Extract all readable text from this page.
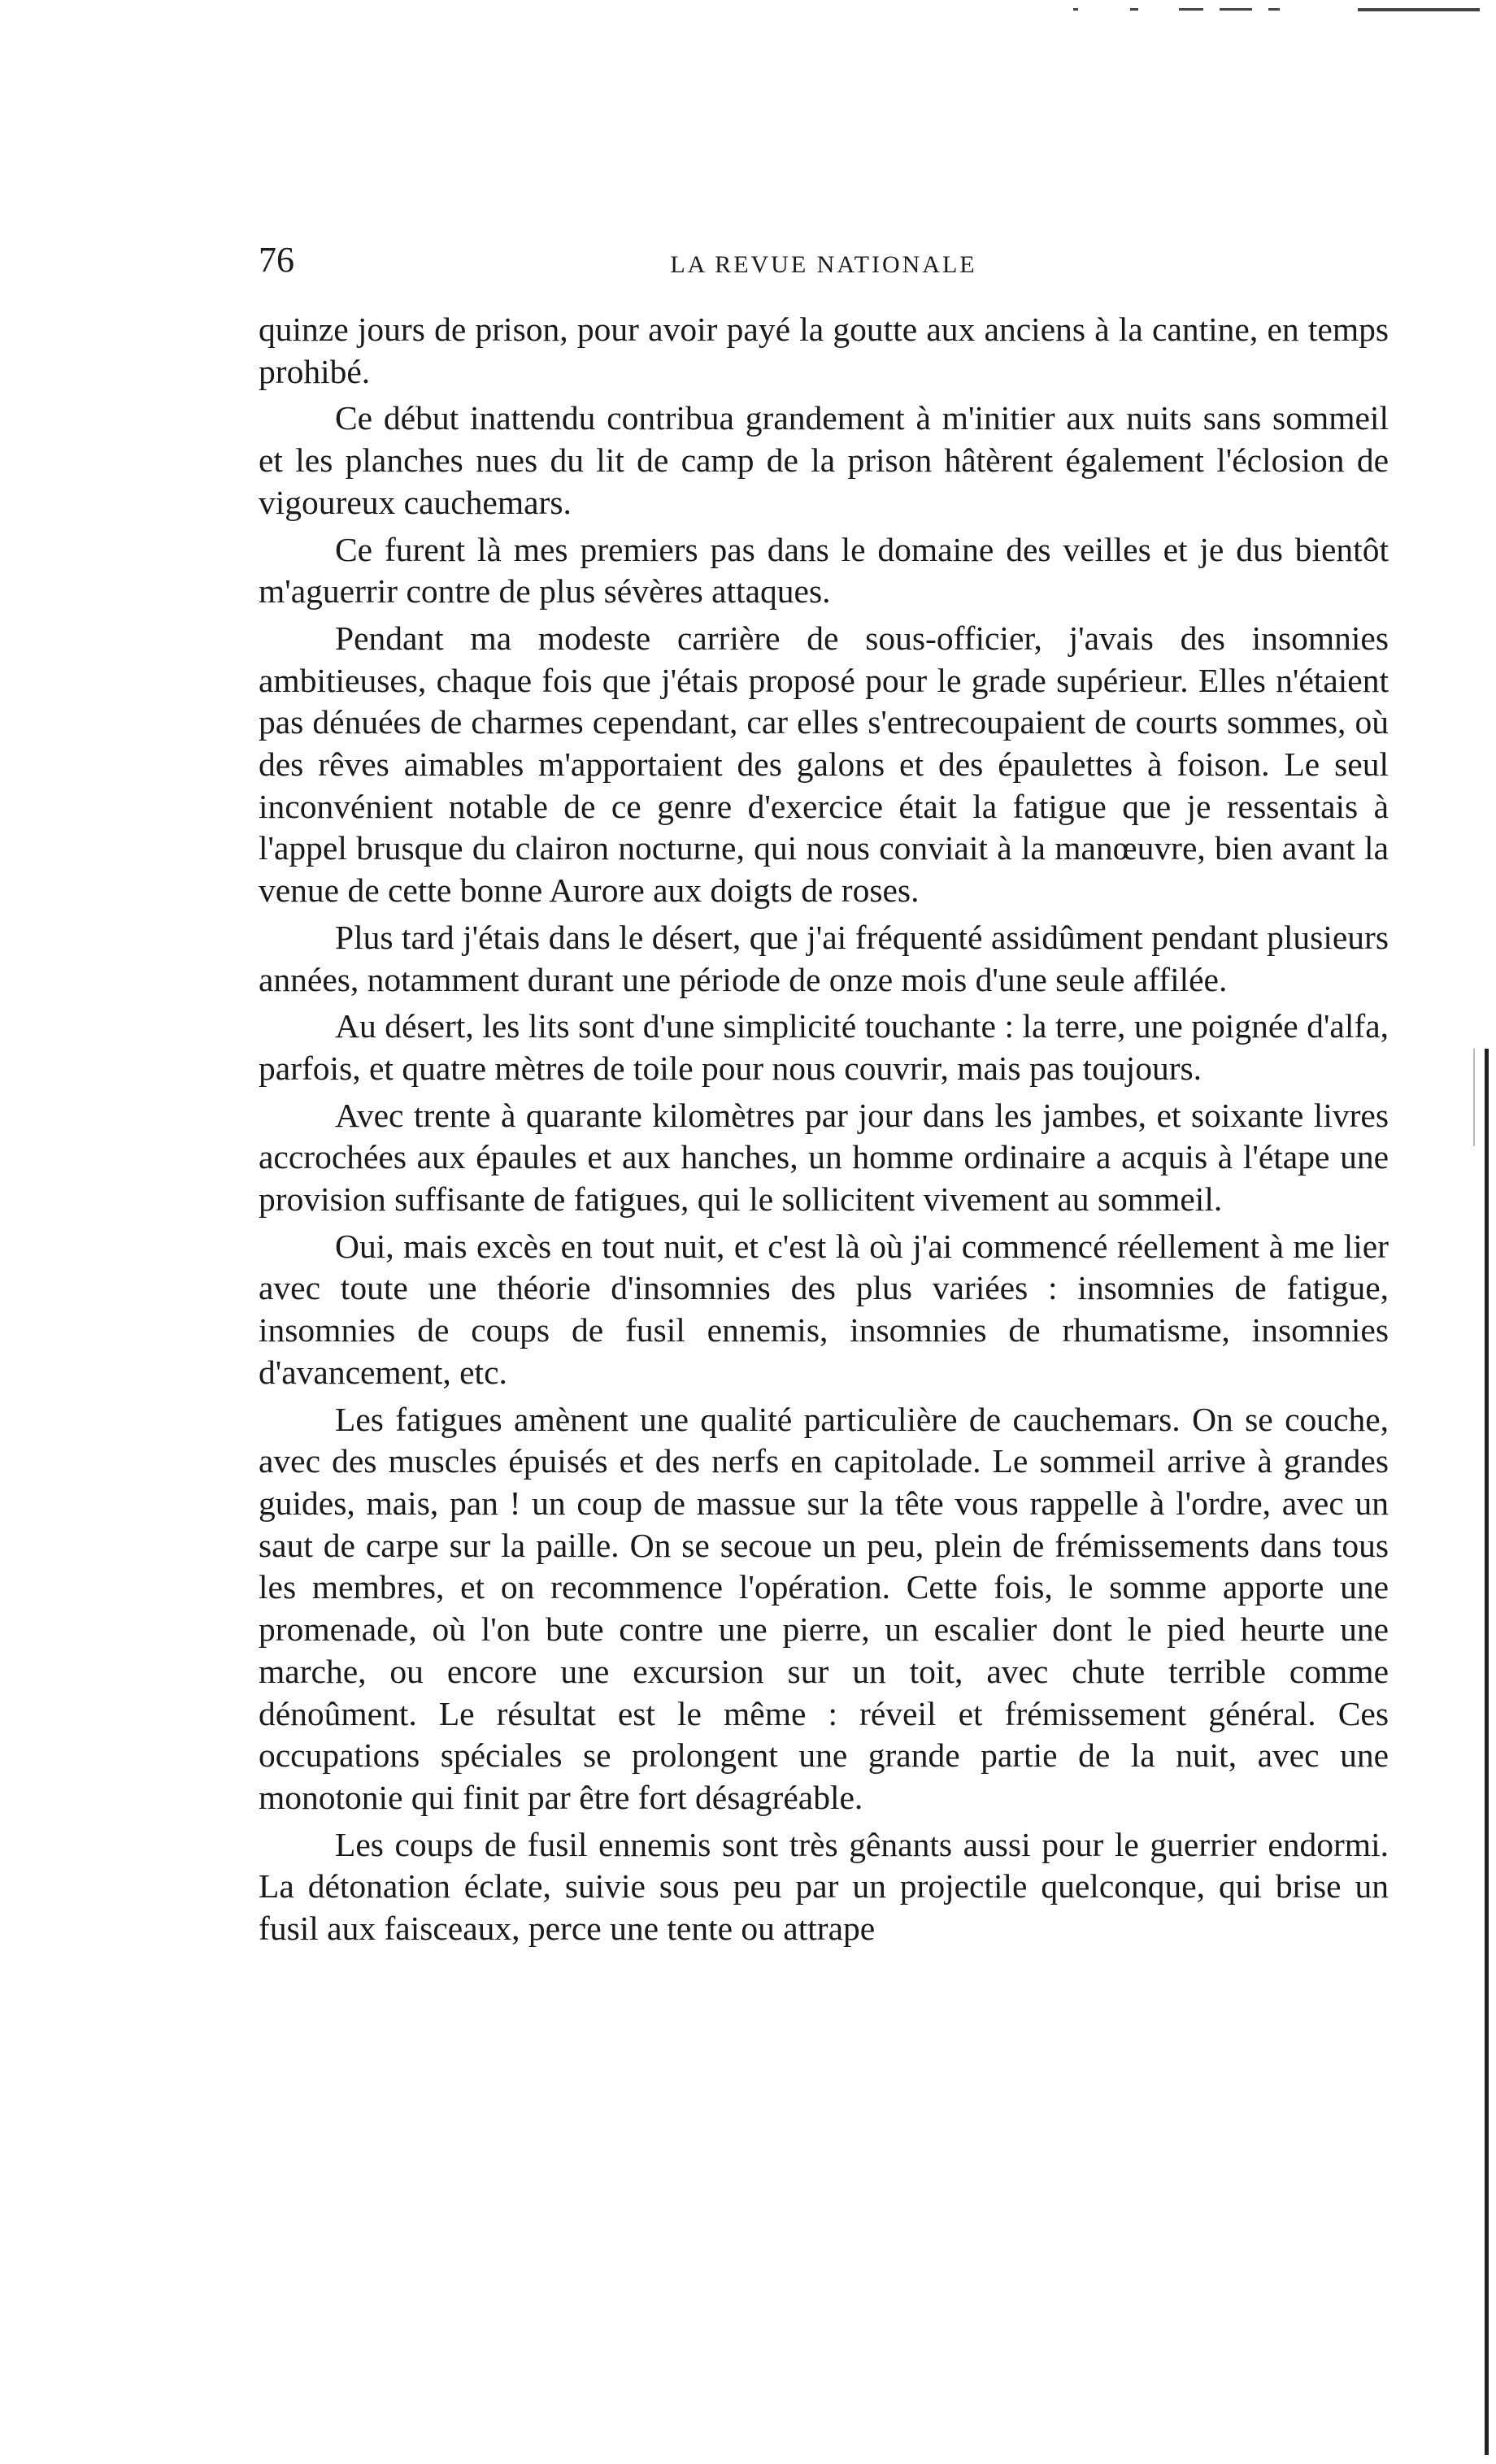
76	LA REVUE NATIONALE

quinze jours de prison, pour avoir payé la goutte aux anciens à la cantine, en temps prohibé.

Ce début inattendu contribua grandement à m'initier aux nuits sans sommeil et les planches nues du lit de camp de la prison hâtèrent également l'éclosion de vigoureux cauchemars.

Ce furent là mes premiers pas dans le domaine des veilles et je dus bientôt m'aguerrir contre de plus sévères attaques.

Pendant ma modeste carrière de sous-officier, j'avais des insomnies ambitieuses, chaque fois que j'étais proposé pour le grade supérieur. Elles n'étaient pas dénuées de charmes cependant, car elles s'entrecoupaient de courts sommes, où des rêves aimables m'apportaient des galons et des épaulettes à foison. Le seul inconvénient notable de ce genre d'exercice était la fatigue que je ressentais à l'appel brusque du clairon nocturne, qui nous conviait à la manœuvre, bien avant la venue de cette bonne Aurore aux doigts de roses.

Plus tard j'étais dans le désert, que j'ai fréquenté assidûment pendant plusieurs années, notamment durant une période de onze mois d'une seule affilée.

Au désert, les lits sont d'une simplicité touchante : la terre, une poignée d'alfa, parfois, et quatre mètres de toile pour nous couvrir, mais pas toujours.

Avec trente à quarante kilomètres par jour dans les jambes, et soixante livres accrochées aux épaules et aux hanches, un homme ordinaire a acquis à l'étape une provision suffisante de fatigues, qui le sollicitent vivement au sommeil.

Oui, mais excès en tout nuit, et c'est là où j'ai commencé réellement à me lier avec toute une théorie d'insomnies des plus variées : insomnies de fatigue, insomnies de coups de fusil ennemis, insomnies de rhumatisme, insomnies d'avancement, etc.

Les fatigues amènent une qualité particulière de cauchemars. On se couche, avec des muscles épuisés et des nerfs en capitolade. Le sommeil arrive à grandes guides, mais, pan ! un coup de massue sur la tête vous rappelle à l'ordre, avec un saut de carpe sur la paille. On se secoue un peu, plein de frémissements dans tous les membres, et on recommence l'opération. Cette fois, le somme apporte une promenade, où l'on bute contre une pierre, un escalier dont le pied heurte une marche, ou encore une excursion sur un toit, avec chute terrible comme dénoûment. Le résultat est le même : réveil et frémissement général. Ces occupations spéciales se prolongent une grande partie de la nuit, avec une monotonie qui finit par être fort désagréable.

Les coups de fusil ennemis sont très gênants aussi pour le guerrier endormi. La détonation éclate, suivie sous peu par un projectile quelconque, qui brise un fusil aux faisceaux, perce une tente ou attrape
